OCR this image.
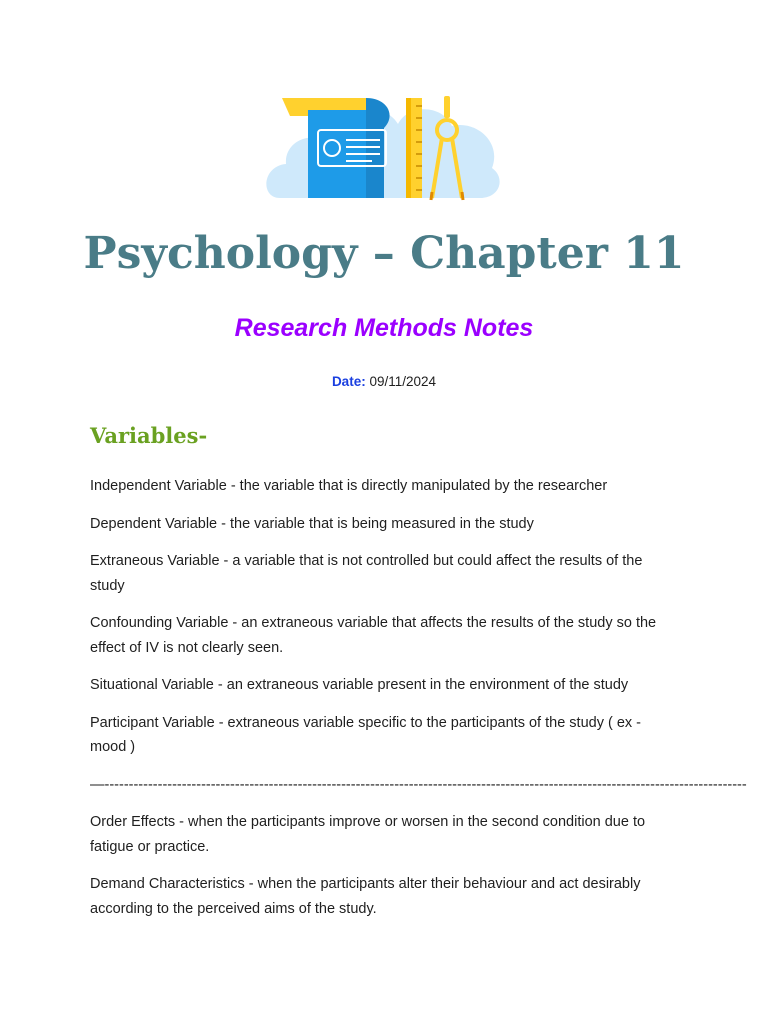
Psychology – Chapter 11
Research Methods Notes
Date: 09/11/2024
Variables-

Independent Variable - the variable that is directly manipulated by the researcher

Dependent Variable - the variable that is being measured in the study

Extraneous Variable - a variable that is not controlled but could affect the results of the study

Confounding Variable - an extraneous variable that affects the results of the study so the effect of IV is not clearly seen.

Situational Variable - an extraneous variable present in the environment of the study

Participant Variable - extraneous variable specific to the participants of the study ( ex - mood )

—-------------------------------------------------------------------------------------------------------------------------------------

Order Effects - when the participants improve or worsen in the second condition due to fatigue or practice.

Demand Characteristics - when the participants alter their behaviour and act desirably according to the perceived aims of the study.
